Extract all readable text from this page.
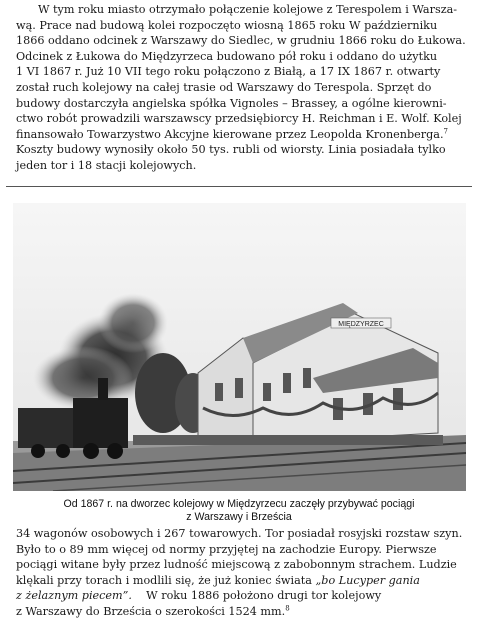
W tym roku miasto otrzymało połączenie kolejowe z Terespolem i Warsza-
wą. Prace nad budową kolei rozpoczęto wiosną 1865 roku W październiku
1866 oddano odcinek z Warszawy do Siedlec, w grudniu 1866 roku do Łukowa.
Odcinek z Łukowa do Międzyrzeca budowano pół roku i oddano do użytku
1 VI 1867 r. Już 10 VII tego roku połączono z Białą, a 17 IX 1867 r. otwarty
został ruch kolejowy na całej trasie od Warszawy do Terespola. Sprzęt do
budowy dostarczyła angielska spółka Vignoles – Brassey, a ogólne kierowni-
ctwo robót prowadzili warszawscy przedsiębiorcy H. Reichman i E. Wolf. Kolej
finansowało Towarzystwo Akcyjne kierowane przez Leopolda Kronenberga.$^7$
Koszty budowy wynosiły około 50 tys. rubli od wiorsty. Linia posiadała tylko
jeden tor i 18 stacji kolejowych.
MIĘDZYRZEC
Od 1867 r. na dworzec kolejowy w Międzyrzecu zaczęły przybywać pociągi
z Warszawy i Brześcia
34 wagonów osobowych i 267 towarowych. Tor posiadał rosyjski rozstaw szyn.
Było to o 89 mm więcej od normy przyjętej na zachodzie Europy. Pierwsze
pociągi witane były przez ludność miejscową z zabobonnym strachem. Ludzie
klękali przy torach i modlili się, że już koniec świata „bo Lucyper gania
z żelaznym piecem”.    W roku 1886 położono drugi tor kolejowy
z Warszawy do Brześcia o szerokości 1524 mm.$^8$
